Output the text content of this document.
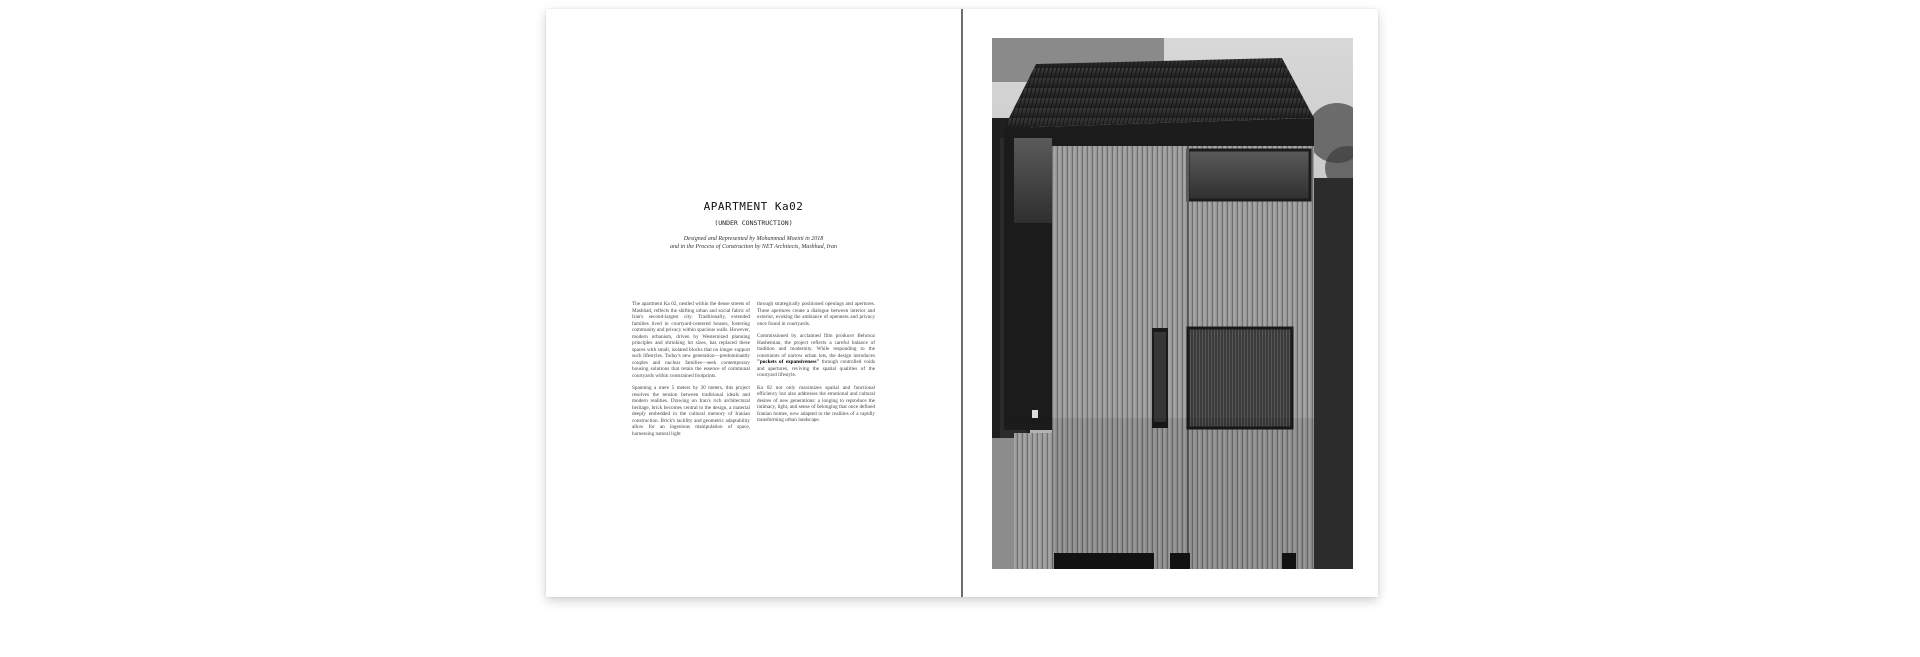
APARTMENT Ka02
(UNDER CONSTRUCTION)
Designed and Represented by Mohammad Moeini in 2018
and in the Process of Construction by NET Architects, Mashhad, Iran

The apartment Ka 02, nestled within the dense streets of Mashhad, reflects the shifting urban and social fabric of Iran's second-largest city. Traditionally, extended families lived in courtyard-centered houses, fostering community and privacy within spacious walls. However, modern urbanism, driven by Westernized planning principles and shrinking lot sizes, has replaced these spaces with small, isolated blocks that no longer support such lifestyles. Today's new generation—predominantly couples and nuclear families—seek contemporary housing solutions that retain the essence of communal courtyards within constrained footprints.

Spanning a mere 5 meters by 30 meters, this project resolves the tension between traditional ideals and modern realities. Drawing on Iran's rich architectural heritage, brick becomes central to the design, a material deeply embedded in the cultural memory of Iranian construction. Brick's tactility and geometric adaptability allow for an ingenious manipulation of space, harnessing natural light

through strategically positioned openings and apertures. These apertures create a dialogue between interior and exterior, evoking the ambiance of openness and privacy once found in courtyards.

Commissioned by acclaimed film producer Behrooz Hashemian, the project reflects a careful balance of tradition and modernity. While responding to the constraints of narrow urban lots, the design introduces "pockets of expansiveness" through controlled voids and apertures, reviving the spatial qualities of the courtyard lifestyle.

Ka 02 not only maximizes spatial and functional efficiency but also addresses the emotional and cultural desires of new generations: a longing to reproduce the intimacy, light, and sense of belonging that once defined Iranian homes, now adapted to the realities of a rapidly transforming urban landscape.
